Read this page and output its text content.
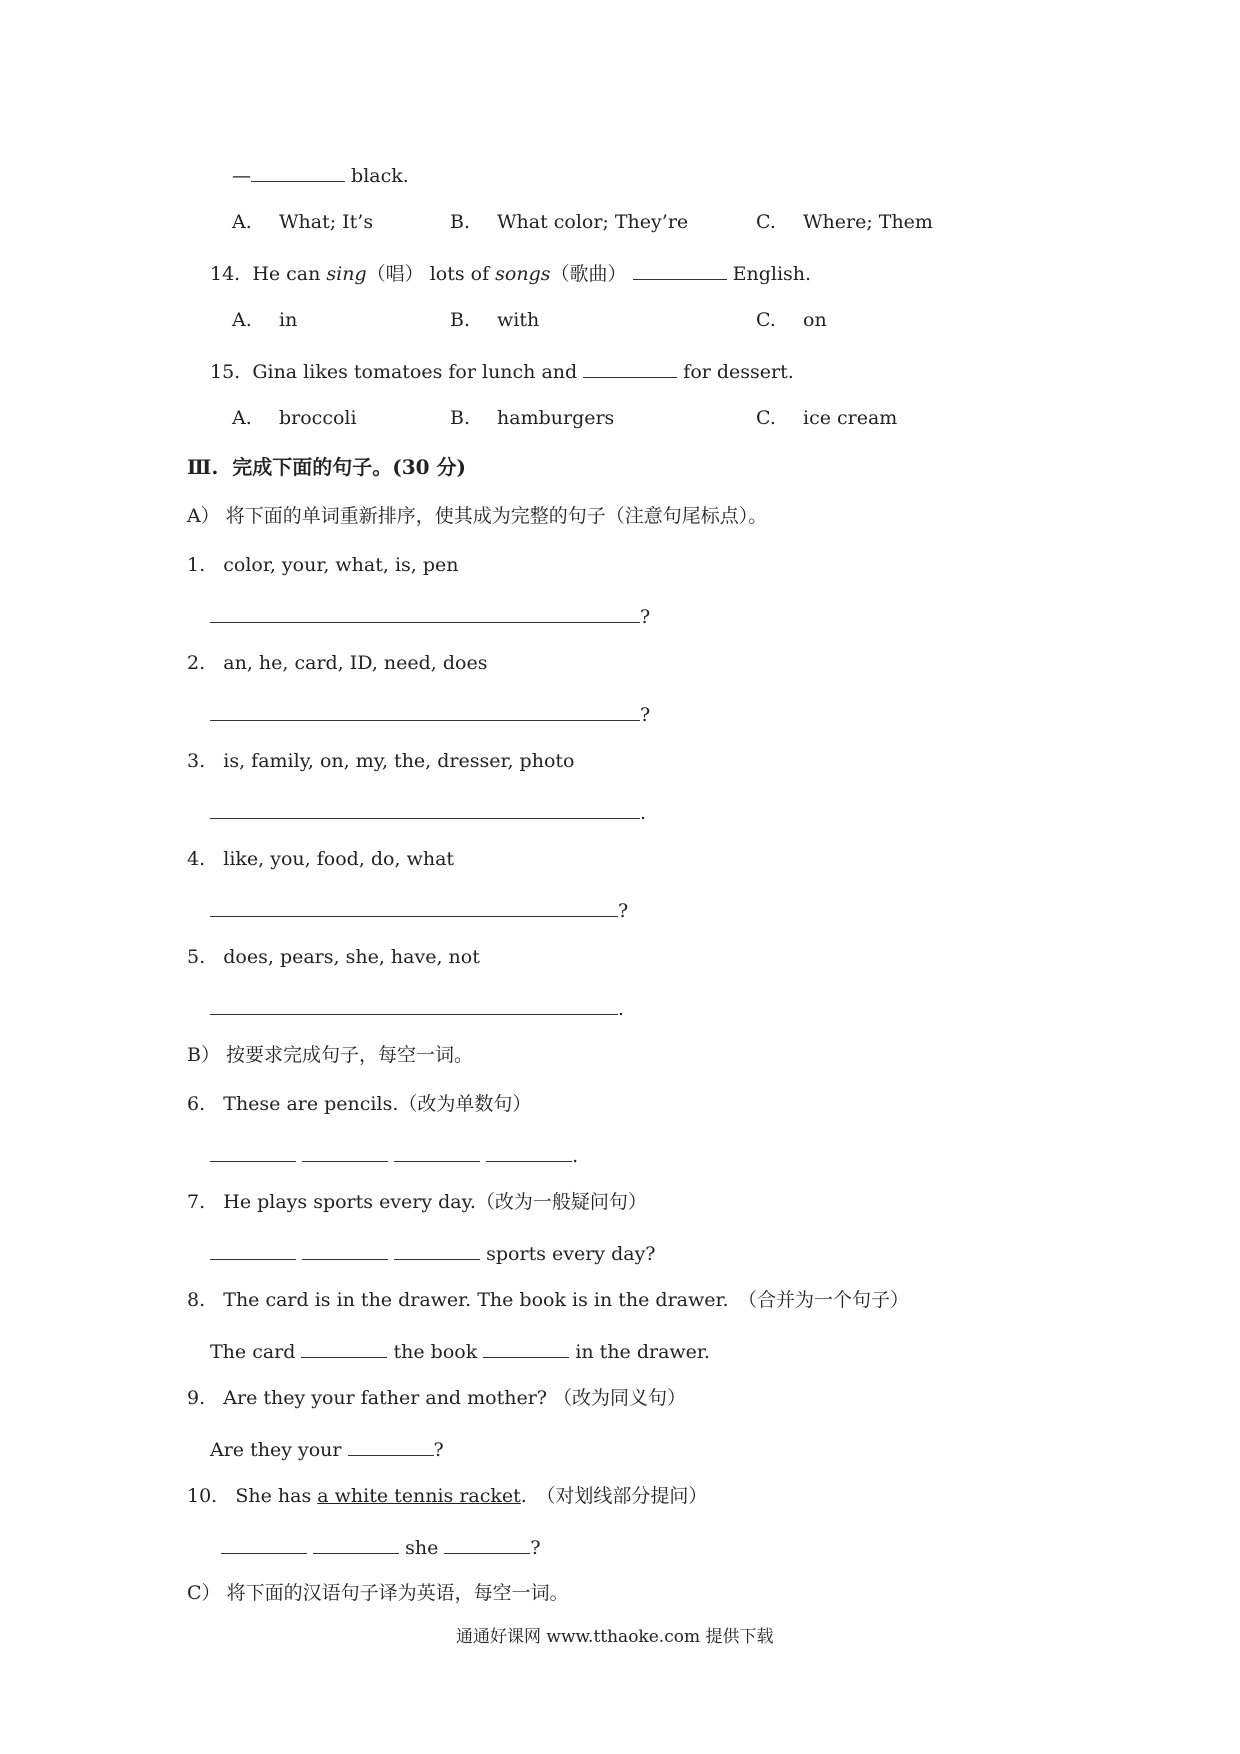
—	black.
A. What; It’s	B. What color; They’re	C. Where; Them
14. He can sing（唱） lots of songs（歌曲）	English.
A. in	B. with	C. on
15. Gina likes tomatoes for lunch and	for dessert.
A. broccoli	B. hamburgers	C. ice cream
Ⅲ. 完成下面的句子。(30 分)
A） 将下面的单词重新排序，使其成为完整的句子（注意句尾标点）。
1. color, your, what, is, pen
?
2. an, he, card, ID, need, does
?
3. is, family, on, my, the, dresser, photo
.
4. like, you, food, do, what
?
5. does, pears, she, have, not
.
B） 按要求完成句子，每空一词。
6. These are pencils.（改为单数句）
.
7. He plays sports every day.（改为一般疑问句）
sports every day?
8. The card is in the drawer. The book is in the drawer.　（合并为一个句子）
The card	the book	in the drawer.
9. Are they your father and mother? （改为同义句）
Are they your	?
10. She has a white tennis racket.　（对划线部分提问）
she	?
C） 将下面的汉语句子译为英语，每空一词。
通通好课网 www.tthaoke.com 提供下载
